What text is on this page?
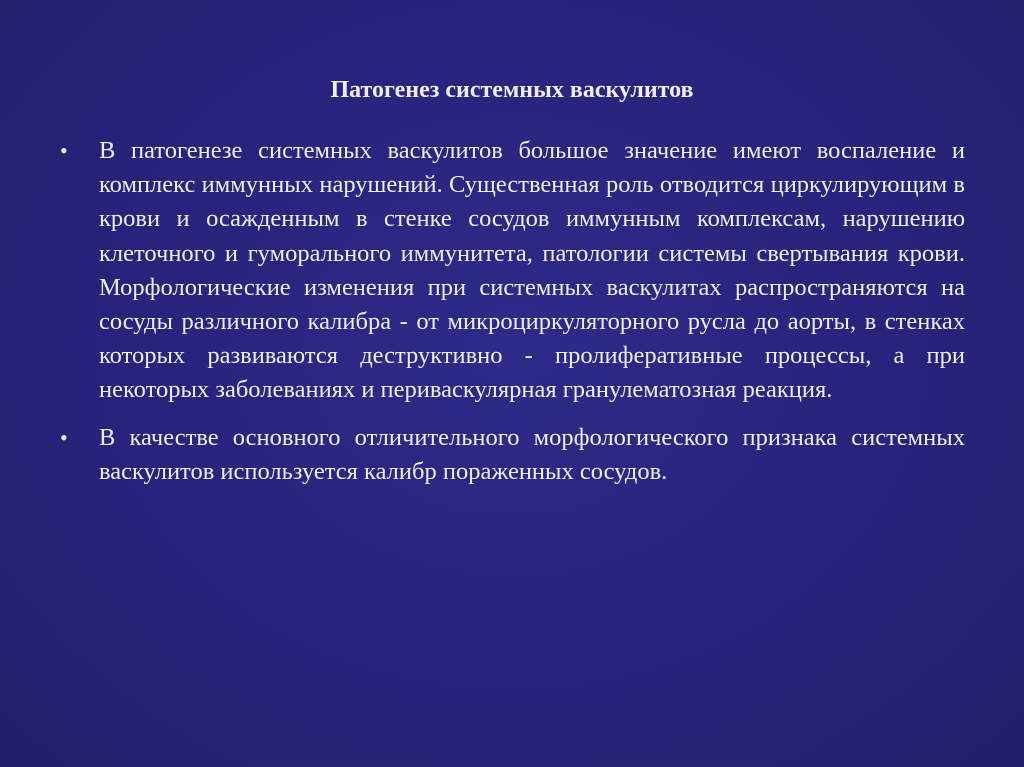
Патогенез системных васкулитов
• В патогенезе системных васкулитов большое значение имеют воспаление и комплекс иммунных нарушений. Существенная роль отводится циркулирующим в крови и осажденным в стенке сосудов иммунным комплексам, нарушению клеточного и гуморального иммунитета, патологии системы свертывания крови. Морфологические изменения при системных васкулитах распространяются на сосуды различного калибра - от микроциркуляторного русла до аорты, в стенках которых развиваются деструктивно - пролиферативные процессы, а при некоторых заболеваниях и периваскулярная гранулематозная реакция.
• В качестве основного отличительного морфологического признака системных васкулитов используется калибр пораженных сосудов.
